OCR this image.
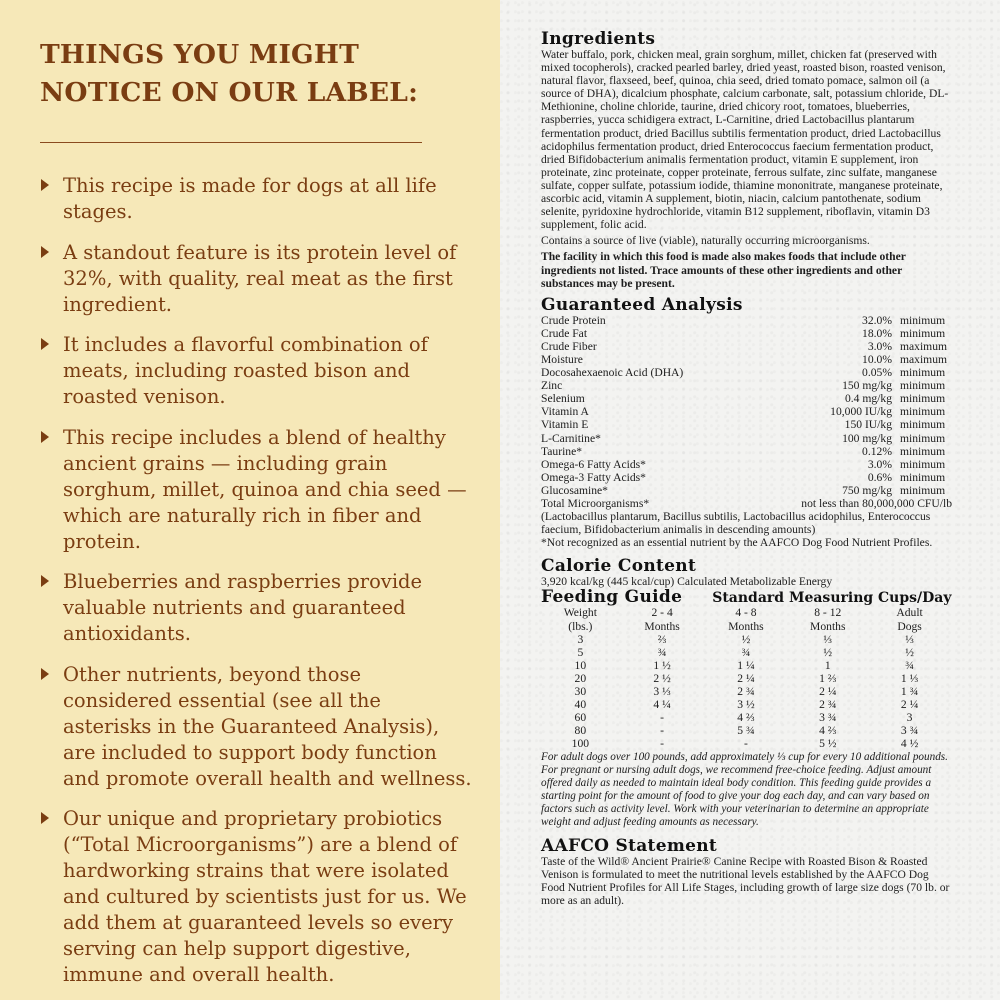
THINGS YOU MIGHT
NOTICE ON OUR LABEL:
This recipe is made for dogs at all life stages.
A standout feature is its protein level of 32%, with quality, real meat as the first ingredient.
It includes a flavorful combination of meats, including roasted bison and roasted venison.
This recipe includes a blend of healthy ancient grains — including grain sorghum, millet, quinoa and chia seed — which are naturally rich in fiber and protein.
Blueberries and raspberries provide valuable nutrients and guaranteed antioxidants.
Other nutrients, beyond those considered essential (see all the asterisks in the Guaranteed Analysis), are included to support body function and promote overall health and wellness.
Our unique and proprietary probiotics (“Total Microorganisms”) are a blend of hardworking strains that were isolated and cultured by scientists just for us. We add them at guaranteed levels so every serving can help support digestive, immune and overall health.
Ingredients
Water buffalo, pork, chicken meal, grain sorghum, millet, chicken fat (preserved with mixed tocopherols), cracked pearled barley, dried yeast, roasted bison, roasted venison, natural flavor, flaxseed, beef, quinoa, chia seed, dried tomato pomace, salmon oil (a source of DHA), dicalcium phosphate, calcium carbonate, salt, potassium chloride, DL-Methionine, choline chloride, taurine, dried chicory root, tomatoes, blueberries, raspberries, yucca schidigera extract, L-Carnitine, dried Lactobacillus plantarum fermentation product, dried Bacillus subtilis fermentation product, dried Lactobacillus acidophilus fermentation product, dried Enterococcus faecium fermentation product, dried Bifidobacterium animalis fermentation product, vitamin E supplement, iron proteinate, zinc proteinate, copper proteinate, ferrous sulfate, zinc sulfate, manganese sulfate, copper sulfate, potassium iodide, thiamine mononitrate, manganese proteinate, ascorbic acid, vitamin A supplement, biotin, niacin, calcium pantothenate, sodium selenite, pyridoxine hydrochloride, vitamin B12 supplement, riboflavin, vitamin D3 supplement, folic acid.
Contains a source of live (viable), naturally occurring microorganisms.
The facility in which this food is made also makes foods that include other ingredients not listed. Trace amounts of these other ingredients and other substances may be present.
Guaranteed Analysis
Crude Protein	32.0% minimum
Crude Fat	18.0% minimum
Crude Fiber	3.0% maximum
Moisture	10.0% maximum
Docosahexaenoic Acid (DHA)	0.05% minimum
Zinc	150 mg/kg minimum
Selenium	0.4 mg/kg minimum
Vitamin A	10,000 IU/kg minimum
Vitamin E	150 IU/kg minimum
L-Carnitine*	100 mg/kg minimum
Taurine*	0.12% minimum
Omega-6 Fatty Acids*	3.0% minimum
Omega-3 Fatty Acids*	0.6% minimum
Glucosamine*	750 mg/kg minimum
Total Microorganisms*	not less than 80,000,000 CFU/lb
(Lactobacillus plantarum, Bacillus subtilis, Lactobacillus acidophilus, Enterococcus faecium, Bifidobacterium animalis in descending amounts)
*Not recognized as an essential nutrient by the AAFCO Dog Food Nutrient Profiles.
Calorie Content
3,920 kcal/kg (445 kcal/cup) Calculated Metabolizable Energy
Feeding Guide Standard Measuring Cups/Day
Weight	2 - 4	4 - 8	8 - 12	Adult
(lbs.)	Months	Months	Months	Dogs
3	⅔	½	⅓	⅓
5	¾	¾	½	½
10	1 ½	1 ¼	1	¾
20	2 ½	2 ¼	1 ⅔	1 ⅓
30	3 ⅓	2 ¾	2 ¼	1 ¾
40	4 ¼	3 ½	2 ¾	2 ¼
60	-	4 ⅔	3 ¾	3
80	-	5 ¾	4 ⅔	3 ¾
100	-	-	5 ½	4 ½
For adult dogs over 100 pounds, add approximately ⅓ cup for every 10 additional pounds. For pregnant or nursing adult dogs, we recommend free-choice feeding. Adjust amount offered daily as needed to maintain ideal body condition. This feeding guide provides a starting point for the amount of food to give your dog each day, and can vary based on factors such as activity level. Work with your veterinarian to determine an appropriate weight and adjust feeding amounts as necessary.
AAFCO Statement
Taste of the Wild® Ancient Prairie® Canine Recipe with Roasted Bison & Roasted Venison is formulated to meet the nutritional levels established by the AAFCO Dog Food Nutrient Profiles for All Life Stages, including growth of large size dogs (70 lb. or more as an adult).
